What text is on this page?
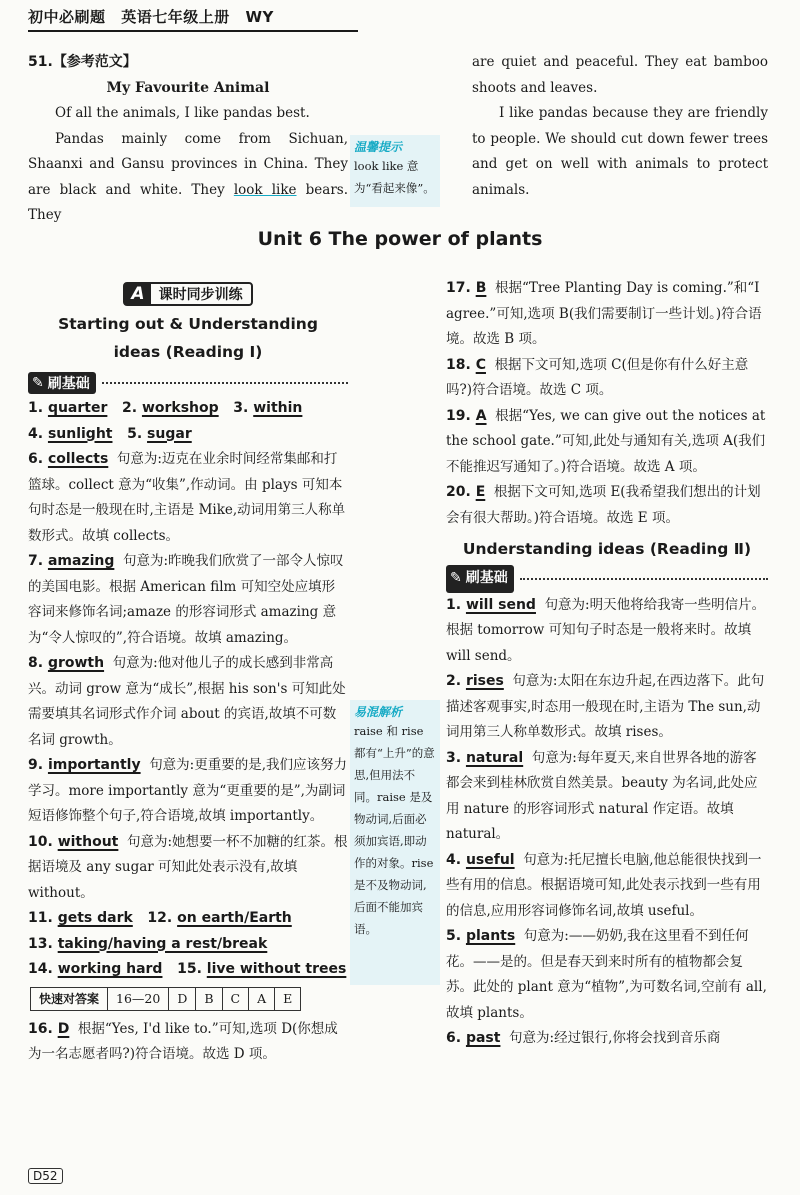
初中必刷题 英语七年级上册 WY

51.【参考范文】

My Favourite Animal

Of all the animals, I like pandas best.

Pandas mainly come from Sichuan, Shaanxi and Gansu provinces in China. They are black and white. They look like bears. They

温馨提示
look like 意为“看起来像”。

are quiet and peaceful. They eat bamboo shoots and leaves.

I like pandas because they are friendly to people. We should cut down fewer trees and get on well with animals to protect animals.

Unit 6 The power of plants
A	课时同步训练
Starting out & Understanding
ideas (Reading Ⅰ)
✎ 刷基础

1. quarter 2. workshop 3. within

4. sunlight 5. sugar

6. collects 句意为:迈克在业余时间经常集邮和打篮球。collect 意为“收集”,作动词。由 plays 可知本句时态是一般现在时,主语是 Mike,动词用第三人称单数形式。故填 collects。

7. amazing 句意为:昨晚我们欣赏了一部令人惊叹的美国电影。根据 American film 可知空处应填形容词来修饰名词;amaze 的形容词形式 amazing 意为“令人惊叹的”,符合语境。故填 amazing。

8. growth 句意为:他对他儿子的成长感到非常高兴。动词 grow 意为“成长”,根据 his son's 可知此处需要填其名词形式作介词 about 的宾语,故填不可数名词 growth。

9. importantly 句意为:更重要的是,我们应该努力学习。more importantly 意为“更重要的是”,为副词短语修饰整个句子,符合语境,故填 importantly。

10. without 句意为:她想要一杯不加糖的红茶。根据语境及 any sugar 可知此处表示没有,故填 without。

11. gets dark 12. on earth/Earth

13. taking/having a rest/break

14. working hard 15. live without trees

快速对答案	16—20	D	B	C	A	E

16. D 根据“Yes, I'd like to.”可知,选项 D(你想成为一名志愿者吗?)符合语境。故选 D 项。

易混解析
raise 和 rise 都有“上升”的意思,但用法不同。raise 是及物动词,后面必须加宾语,即动作的对象。rise 是不及物动词,后面不能加宾语。

17. B 根据“Tree Planting Day is coming.”和“I agree.”可知,选项 B(我们需要制订一些计划。)符合语境。故选 B 项。

18. C 根据下文可知,选项 C(但是你有什么好主意吗?)符合语境。故选 C 项。

19. A 根据“Yes, we can give out the notices at the school gate.”可知,此处与通知有关,选项 A(我们不能推迟写通知了。)符合语境。故选 A 项。

20. E 根据下文可知,选项 E(我希望我们想出的计划会有很大帮助。)符合语境。故选 E 项。

Understanding ideas (Reading Ⅱ)
✎ 刷基础

1. will send 句意为:明天他将给我寄一些明信片。根据 tomorrow 可知句子时态是一般将来时。故填 will send。

2. rises 句意为:太阳在东边升起,在西边落下。此句描述客观事实,时态用一般现在时,主语为 The sun,动词用第三人称单数形式。故填 rises。

3. natural 句意为:每年夏天,来自世界各地的游客都会来到桂林欣赏自然美景。beauty 为名词,此处应用 nature 的形容词形式 natural 作定语。故填 natural。

4. useful 句意为:托尼擅长电脑,他总能很快找到一些有用的信息。根据语境可知,此处表示找到一些有用的信息,应用形容词修饰名词,故填 useful。

5. plants 句意为:——奶奶,我在这里看不到任何花。——是的。但是春天到来时所有的植物都会复苏。此处的 plant 意为“植物”,为可数名词,空前有 all,故填 plants。

6. past 句意为:经过银行,你将会找到音乐商

D52
